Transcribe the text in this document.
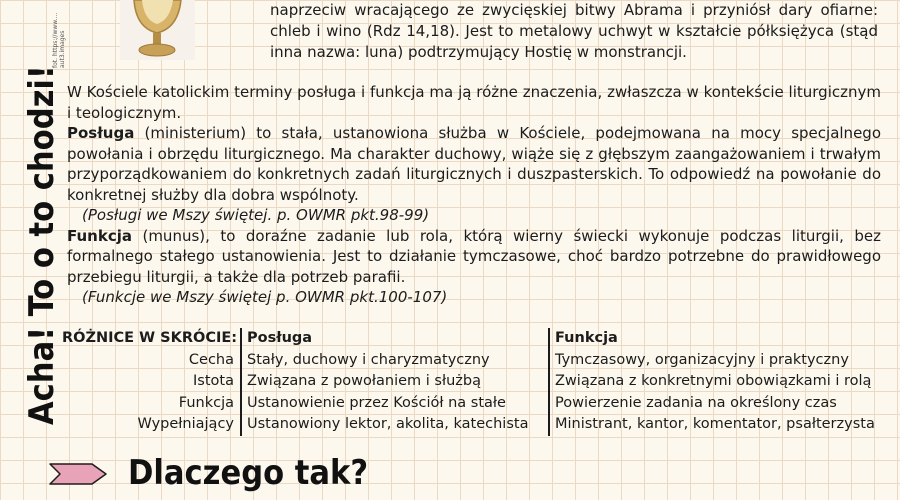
fot. https://www.... aut3.images
naprzeciw wracającego ze zwycięskiej bitwy Abrama i przyniósł dary ofiarne: chleb i wino (Rdz 14,18). Jest to metalowy uchwyt w kształcie półksiężyca (stąd inna nazwa: luna) podtrzymujący Hostię w monstrancji.
Acha! To o to chodzi! W Kościele katolickim terminy posługa i funkcja ma ją różne znaczenia, zwłaszcza w kontekście liturgicznym i teologicznym.

Posługa (ministerium) to stała, ustanowiona służba w Kościele, podejmowana na mocy specjalnego powołania i obrzędu liturgicznego. Ma charakter duchowy, wiąże się z głębszym zaangażowaniem i trwałym przyporządkowaniem do konkretnych zadań liturgicznych i duszpasterskich. To odpowiedź na powołanie do konkretnej służby dla dobra wspólnoty.

(Posługi we Mszy świętej. p. OWMR pkt.98-99)

Funkcja (munus), to doraźne zadanie lub rola, którą wierny świecki wykonuje podczas liturgii, bez formalnego stałego ustanowienia. Jest to działanie tymczasowe, choć bardzo potrzebne do prawidłowego przebiegu liturgii, a także dla potrzeb parafii.

(Funkcje we Mszy świętej p. OWMR pkt.100-107)

RÓŻNICE W SKRÓCIE: Posługa	Funkcja
Cecha Stały, duchowy i charyzmatyczny	Tymczasowy, organizacyjny i praktyczny
Istota Związana z powołaniem i służbą	Związana z konkretnymi obowiązkami i rolą
Funkcja Ustanowienie przez Kościół na stałe	Powierzenie zadania na określony czas
Wypełniający Ustanowiony lektor, akolita, katechista	Ministrant, kantor, komentator, psałterzysta
Dlaczego tak?
